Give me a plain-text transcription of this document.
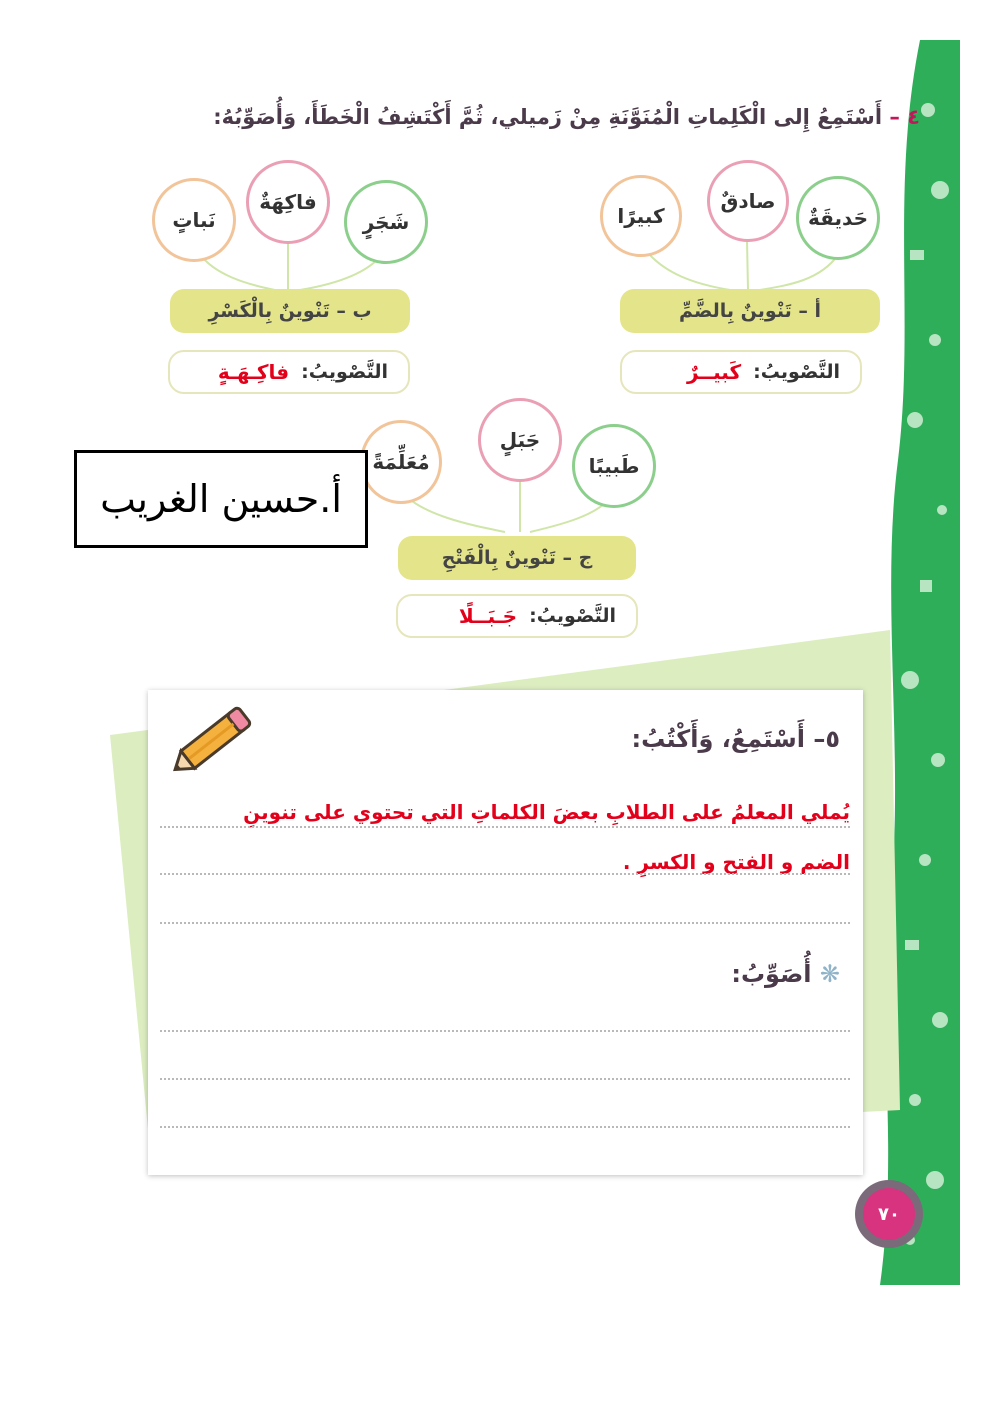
٤ – أَسْتَمِعُ إِلى الْكَلِماتِ الْمُنَوَّنَةِ مِنْ زَميلي، ثُمَّ أَكْتَشِفُ الْخَطَأَ، وَأُصَوِّبُهُ:
حَديقَةٌ
صادقٌ
كبيرًا
أ – تَنْوينٌ بِالضَّمِّ
التَّصْويبُ:
كَبيــرٌ
شَجَرٍ
فاكِهَةٌ
نَباتٍ
ب – تَنْوينٌ بِالْكَسْرِ
التَّصْويبُ:
فاكِـهَـةٍ
طَبيبًا
جَبَلٍ
مُعَلِّمَةً
ج – تَنْوينٌ بِالْفَتْحِ
التَّصْويبُ:
جَـبَــلًا
أ.حسين الغريب
٥– أَسْتَمِعُ، وَأَكْتُبُ:
يُملي المعلمُ على الطلابِ بعضَ الكلماتِ التي تحتوي على تنوينِ
الضم و الفتح و الكسرِ .
❋ أُصَوِّبُ:
٧٠
